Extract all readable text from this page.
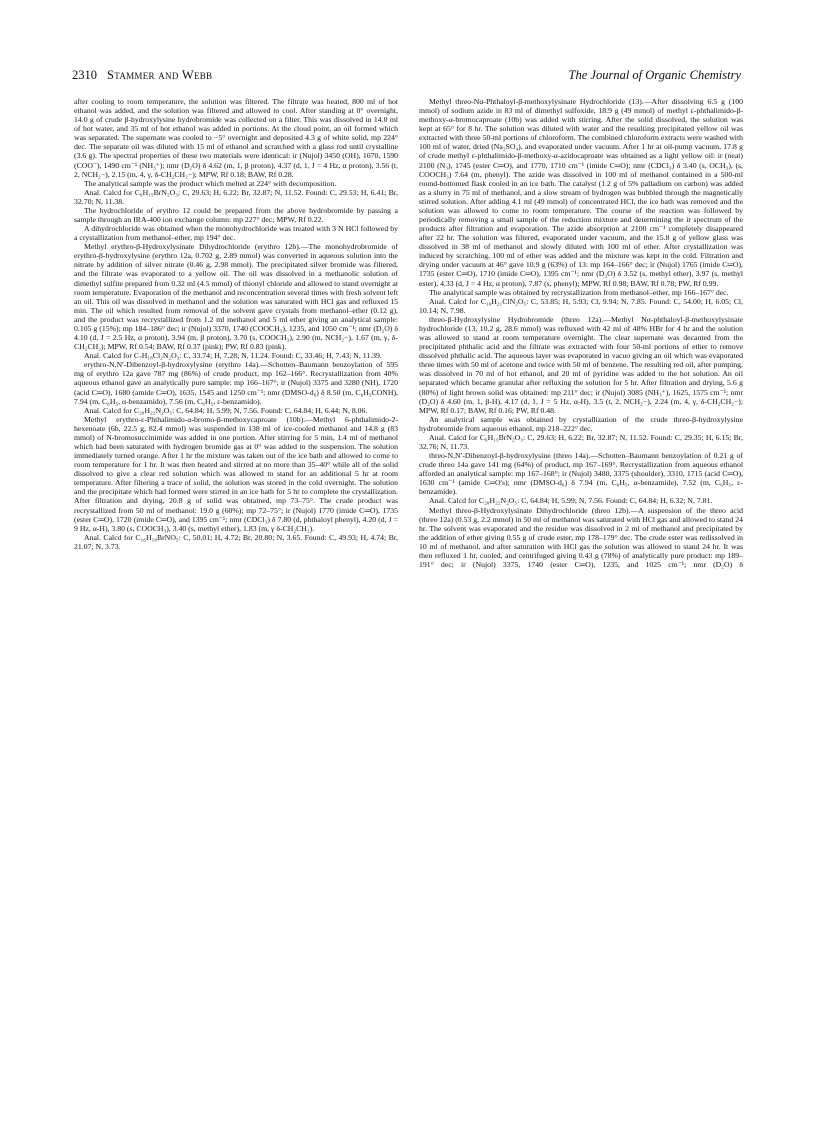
2310 Stammer and Webb	The Journal of Organic Chemistry

after cooling to room temperature, the solution was filtered. The filtrate was heated, 800 ml of hot ethanol was added, and the solution was filtered and allowed to cool. After standing at 0° overnight, 14.0 g of crude β-hydroxylysine hydrobromide was collected on a filter. This was dissolved in 14.0 ml of hot water, and 35 ml of hot ethanol was added in portions. At the cloud point, an oil formed which was separated. The supernate was cooled to −5° overnight and deposited 4.3 g of white solid, mp 224° dec. The separate oil was diluted with 15 ml of ethanol and scratched with a glass rod until crystalline (3.6 g). The spectral properties of these two materials were identical: ir (Nujol) 3450 (OH), 1670, 1590 (COO⁻), 1490 cm⁻¹ (NH₃⁺); nmr (D₂O) δ 4.62 (m, 1, β proton), 4.37 (d, 1, J = 4 Hz, α proton), 3.56 (t, 2, NCH₂−), 2.15 (m, 4, γ, δ-CH₂CH₂−); MPW, Rf 0.18; BAW, Rf 0.28.

The analytical sample was the product which melted at 224° with decomposition.

Anal. Calcd for C₆H₁₅BrN₂O₃: C, 29.63; H, 6.22; Br, 32.87; N, 11.52. Found: C, 29.53; H, 6.41; Br, 32.70; N, 11.38.

The hydrochloride of erythro 12 could be prepared from the above hydrobromide by passing a sample through an IRA-400 ion exchange column: mp 227° dec; MPW, Rf 0.22.

A dihydrochloride was obtained when the monohydrochloride was treated with 3 N HCl followed by a crystallization from methanol–ether, mp 194° dec.

Methyl erythro-β-Hydroxylysinate Dihydrochloride (erythro 12b).—The monohydrobromide of erythro-β-hydroxylysine (erythro 12a, 0.702 g, 2.89 mmol) was converted in aqueous solution into the nitrate by addition of silver nitrate (0.46 g, 2.98 mmol). The precipitated silver bromide was filtered, and the filtrate was evaporated to a yellow oil. The oil was dissolved in a methanolic solution of dimethyl sulfite prepared from 0.32 ml (4.5 mmol) of thionyl chloride and allowed to stand overnight at room temperature. Evaporation of the methanol and reconcentration several times with fresh solvent left an oil. This oil was dissolved in methanol and the solution was saturated with HCl gas and refluxed 15 min. The oil which resulted from removal of the solvent gave crystals from methanol–ether (0.12 g), and the product was recrystallized from 1.2 ml methanol and 5 ml ether giving an analytical sample: 0.105 g (15%); mp 184–186° dec; ir (Nujol) 3370, 1740 (COOCH₃), 1235, and 1050 cm⁻¹; nmr (D₂O) δ 4.10 (d, J = 2.5 Hz, α proton), 3.94 (m, β proton), 3.70 (s, COOCH₃), 2.90 (m, NCH₂−), 1.67 (m, γ, δ-CH₂CH₂); MPW, Rf 0.54; BAW, Rf 0.37 (pink); PW, Rf 0.83 (pink).

Anal. Calcd for C₇H₁₈Cl₂N₂O₃: C, 33.74; H, 7.28; N, 11.24. Found: C, 33.46; H, 7.43; N, 11.39.

erythro-N,N′-Dibenzoyl-β-hydroxylysine (erythro 14a).—Schotten–Baumann benzoylation of 595 mg of erythro 12a gave 787 mg (86%) of crude product, mp 162–166°. Recrystallization from 40% aqueous ethanol gave an analytically pure sample: mp 166–167°; ir (Nujol) 3375 and 3280 (NH), 1720 (acid C═O), 1680 (amide C═O), 1635, 1545 and 1250 cm⁻¹; nmr (DMSO-d₆) δ 8.50 (m, C₆H₅CONH), 7.94 (m, C₆H₅, α-benzamido), 7.56 (m, C₆H₅, ε-benzamido).

Anal. Calcd for C₂₀H₂₂N₂O₅: C, 64.84; H, 5.99; N, 7.56. Found: C, 64.84; H, 6.44; N, 8.06.

Methyl erythro-ε-Phthalimido-α-bromo-β-methoxycaproate (10b).—Methyl 6-phthalimido-2-hexenoate (6b, 22.5 g, 82.4 mmol) was suspended in 138 ml of ice-cooled methanol and 14.8 g (83 mmol) of N-bromosuccinimide was added in one portion. After stirring for 5 min, 1.4 ml of methanol which had been saturated with hydrogen bromide gas at 0° was added to the suspension. The solution immediately turned orange. After 1 hr the mixture was taken out of the ice bath and allowed to come to room temperature for 1 hr. It was then heated and stirred at no more than 35–40° while all of the solid dissolved to give a clear red solution which was allowed to stand for an additional 5 hr at room temperature. After filtering a trace of solid, the solution was stored in the cold overnight. The solution and the precipitate which had formed were stirred in an ice bath for 5 hr to complete the crystallization. After filtration and drying, 20.8 g of solid was obtained, mp 73–75°. The crude product was recrystallized from 50 ml of methanol: 19.0 g (60%); mp 72–75°; ir (Nujol) 1770 (imide C═O), 1735 (ester C═O), 1720 (imide C═O), and 1395 cm⁻¹; nmr (CDCl₃) δ 7.80 (d, phthaloyl phenyl), 4.20 (d, J = 9 Hz, α-H), 3.80 (s, COOCH₃), 3.40 (s, methyl ether), 1.83 (m, γ δ-CH₂CH₂).

Anal. Calcd for C₁₆H₁₈BrNO₅: C, 50.01; H, 4.72; Br, 20.80; N, 3.65. Found: C, 49.93; H, 4.74; Br, 21.07; N, 3.73.

Methyl threo-Nα-Phthaloyl-β-methoxylysinate Hydrochloride (13).—After dissolving 6.5 g (100 mmol) of sodium azide in 83 ml of dimethyl sulfoxide, 18.9 g (49 mmol) of methyl ε-phthalimido-β-methoxy-α-bromocaproate (10b) was added with stirring. After the solid dissolved, the solution was kept at 65° for 8 hr. The solution was diluted with water and the resulting precipitated yellow oil was extracted with three 50-ml portions of chloroform. The combined chloroform extracts were washed with 100 ml of water, dried (Na₂SO₄), and evaporated under vacuum. After 1 hr at oil-pump vacuum, 17.8 g of crude methyl ε-phthalimido-β-methoxy-α-azidocaproate was obtained as a light yellow oil: ir (neat) 2100 (N₃), 1745 (ester C═O), and 1770, 1710 cm⁻¹ (imide C═O); nmr (CDCl₃) δ 3.40 (s, OCH₃), (s, COOCH₃) 7.64 (m, phenyl). The azide was dissolved in 100 ml of methanol contained in a 500-ml round-bottomed flask cooled in an ice bath. The catalyst (1.2 g of 5% palladium on carbon) was added as a slurry in 75 ml of methanol, and a slow stream of hydrogen was bubbled through the magnetically stirred solution. After adding 4.1 ml (49 mmol) of concentrated HCl, the ice bath was removed and the solution was allowed to come to room temperature. The course of the reaction was followed by periodically removing a small sample of the reduction mixture and determining the ir spectrum of the products after filtration and evaporation. The azide absorption at 2100 cm⁻¹ completely disappeared after 22 hr. The solution was filtered, evaporated under vacuum, and the 15.8 g of yellow glass was dissolved in 38 ml of methanol and slowly diluted with 100 ml of ether. After crystallization was induced by scratching, 100 ml of ether was added and the mixture was kept in the cold. Filtration and drying under vacuum at 46° gave 10.9 g (63%) of 13: mp 164–166° dec; ir (Nujol) 1765 (imide C═O), 1735 (ester C═O), 1710 (imide C═O), 1395 cm⁻¹; nmr (D₂O) δ 3.52 (s, methyl ether), 3.97 (s, methyl ester), 4.33 (d, J = 4 Hz, α proton), 7.87 (s, phenyl); MPW, Rf 0.98; BAW, Rf 0.78; PW, Rf 0.99.

The analytical sample was obtained by recrystallization from methanol–ether, mp 166–167° dec.

Anal. Calcd for C₁₆H₂₁ClN₂O₅: C, 53.85; H, 5.93; Cl, 9.94; N, 7.85. Found: C, 54.00; H, 6.05; Cl, 10.14; N, 7.98.

threo-β-Hydroxylysine Hydrobromide (threo 12a).—Methyl Nα-phthaloyl-β-methoxylysinate hydrochloride (13, 10.2 g, 28.6 mmol) was refluxed with 42 ml of 48% HBr for 4 hr and the solution was allowed to stand at room temperature overnight. The clear supernate was decanted from the precipitated phthalic acid and the filtrate was extracted with four 50-ml portions of ether to remove dissolved phthalic acid. The aqueous layer was evaporated in vacuo giving an oil which was evaporated three times with 50 ml of acetone and twice with 50 ml of benzene. The resulting red oil, after pumping, was dissolved in 70 ml of hot ethanol, and 20 ml of pyridine was added to the hot solution. An oil separated which became granular after refluxing the solution for 5 hr. After filtration and drying, 5.6 g (80%) of light brown solid was obtained: mp 211° dec; ir (Nujol) 3085 (NH₃⁺), 1625, 1575 cm⁻¹; nmr (D₂O) δ 4.60 (m, 1, β-H), 4.17 (d, 1, J = 5 Hz, α-H), 3.5 (t, 2, NCH₂−), 2.24 (m, 4, γ, δ-CH₂CH₂−); MPW, Rf 0.17; BAW, Rf 0.16; PW, Rf 0.48.

An analytical sample was obtained by crystallization of the crude threo-β-hydroxylysine hydrobromide from aqueous ethanol, mp 218–222° dec.

Anal. Calcd for C₆H₁₅BrN₂O₃: C, 29.63; H, 6.22; Br, 32.87; N, 11.52. Found: C, 29.35; H, 6.15; Br, 32.76; N, 11.73.

threo-N,N′-Dibenzoyl-β-hydroxylysine (threo 14a).—Schotten–Baumann benzoylation of 0.21 g of crude threo 14a gave 141 mg (64%) of product, mp 167–169°. Recrystallization from aqueous ethanol afforded an analytical sample: mp 167–168°; ir (Nujol) 3480, 3375 (shoulder), 3310, 1715 (acid C═O), 1630 cm⁻¹ (amide C═O's); nmr (DMSO-d₆) δ 7.94 (m, C₆H₅, α-benzamide), 7.52 (m, C₆H₅, ε-benzamide).

Anal. Calcd for C₂₀H₂₂N₂O₅: C, 64.84; H, 5.99; N, 7.56. Found: C, 64.84; H, 6.32; N, 7.81.

Methyl threo-β-Hydroxylysinate Dihydrochloride (threo 12b).—A suspension of the threo acid (threo 12a) (0.53 g, 2.2 mmol) in 50 ml of methanol was saturated with HCl gas and allowed to stand 24 hr. The solvent was evaporated and the residue was dissolved in 2 ml of methanol and precipitated by the addition of ether giving 0.55 g of crude ester, mp 178–179° dec. The crude ester was redissolved in 10 ml of methanol, and after saturation with HCl gas the solution was allowed to stand 24 hr. It was then refluxed 1 hr, cooled, and centrifuged giving 0.43 g (78%) of analytically pure product: mp 189–191° dec; ir (Nujol) 3375, 1740 (ester C═O), 1235, and 1025 cm⁻¹; nmr (D₂O) δ
